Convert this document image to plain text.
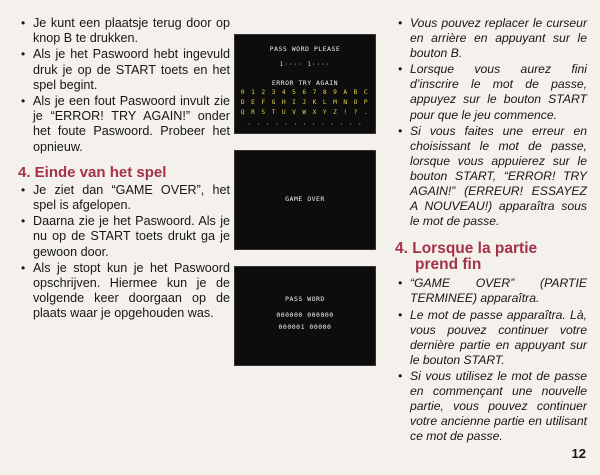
• Je kunt een plaatsje terug door op knop B te drukken.
• Als je het Paswoord hebt ingevuld druk je op de START toets en het spel begint.
• Als je een fout Paswoord invult zie je “ERROR! TRY AGAIN!” onder het foute Paswoord. Probeer het opnieuw.
4. Einde van het spel
• Je ziet dan “GAME OVER”, het spel is afgelopen.
• Daarna zie je het Paswoord. Als je nu op de START toets drukt ga je gewoon door.
• Als je stopt kun je het Paswoord opschrijven. Hiermee kun je de volgende keer doorgaan op de plaats waar je opgehouden was.
PASS WORD PLEASE
1···· 1····
ERROR TRY AGAIN
0 1 2 3 4 5 6 7 8 9 A B C
D E F G H I J K L M N O P
Q R S T U V W X Y Z ! ? .
· · · · · · · · · · · · ·
GAME OVER
PASS WORD
000000 000000
000001 00000
• Vous pouvez replacer le curseur en arrière en appuyant sur le bouton B.
• Lorsque vous aurez fini d’inscrire le mot de passe, appuyez sur le bouton START pour que le jeu commence.
• Si vous faites une erreur en choisissant le mot de passe, lorsque vous appuierez sur le bouton START, “ERROR! TRY AGAIN!” (ERREUR! ESSAYEZ A NOUVEAU!) apparaîtra sous le mot de passe.
4. Lorsque la partie
prend fin
• “GAME OVER” (PARTIE TERMINEE) apparaîtra.
• Le mot de passe apparaîtra. Là, vous pouvez continuer votre dernière partie en appuyant sur le bouton START.
• Si vous utilisez le mot de passe en commençant une nouvelle partie, vous pouvez continuer votre ancienne partie en utilisant ce mot de passe.
12
